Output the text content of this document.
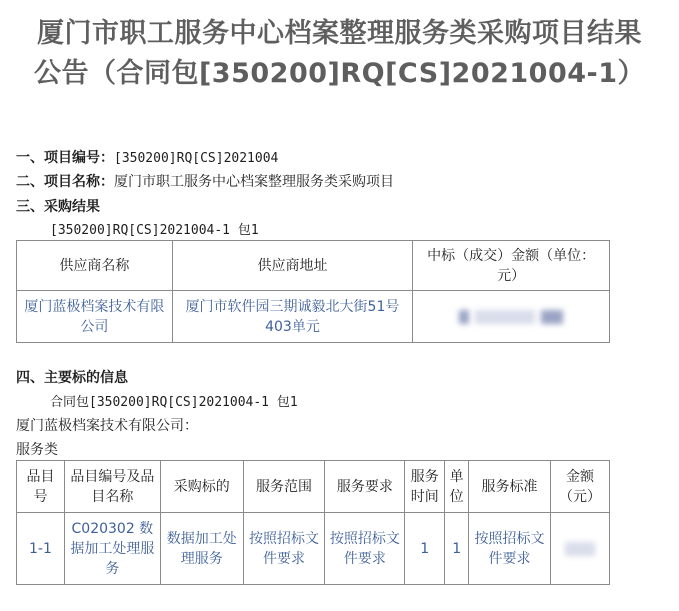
厦门市职工服务中心档案整理服务类采购项目结果
公告（合同包[350200]RQ[CS]2021004-1）
一、项目编号：[350200]RQ[CS]2021004
二、项目名称：厦门市职工服务中心档案整理服务类采购项目
三、采购结果
[350200]RQ[CS]2021004-1 包1
供应商名称	供应商地址	中标（成交）金额（单位：元）
厦门蓝极档案技术有限公司	厦门市软件园三期诚毅北大街51号403单元	
四、主要标的信息
合同包[350200]RQ[CS]2021004-1 包1
厦门蓝极档案技术有限公司：
服务类
品目号	品目编号及品目名称	采购标的	服务范围	服务要求	服务时间	单位	服务标准	金额（元）
1-1	C020302 数据加工处理服务	数据加工处理服务	按照招标文件要求	按照招标文件要求	1	1	按照招标文件要求	
